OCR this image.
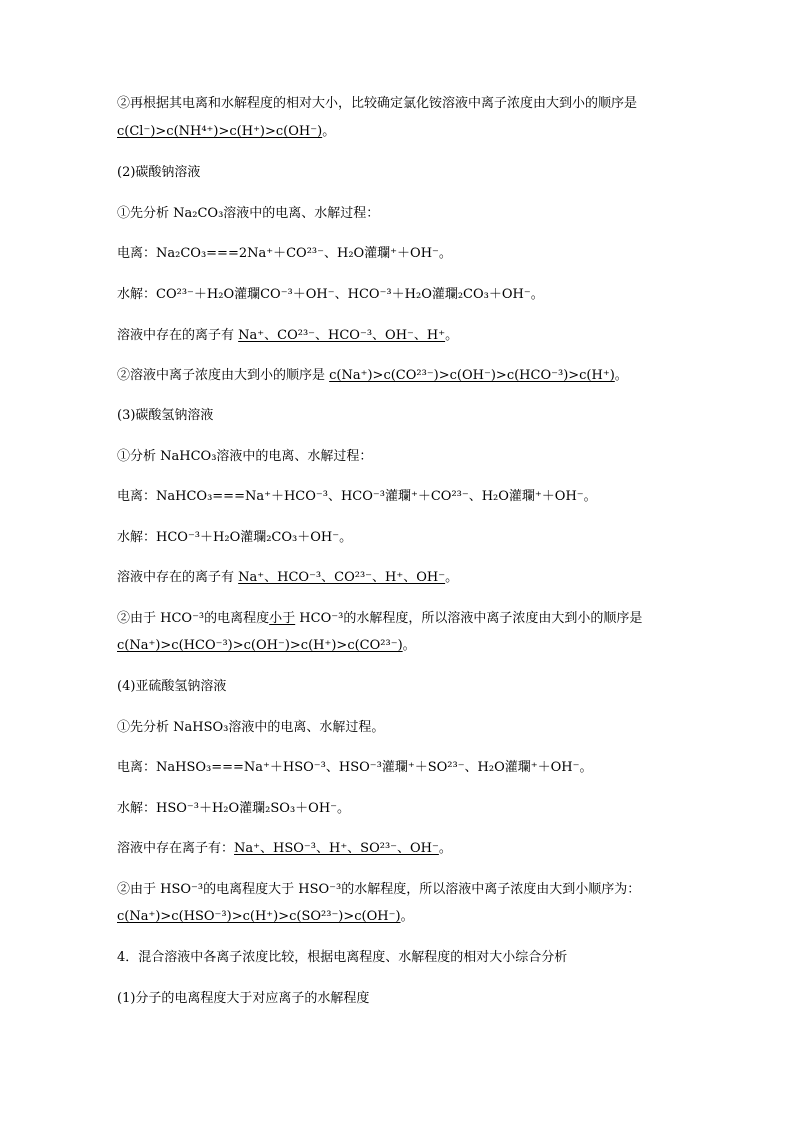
②再根据其电离和水解程度的相对大小，比较确定氯化铵溶液中离子浓度由大到小的顺序是
c(Cl⁻)>c(NH⁴⁺)>c(H⁺)>c(OH⁻)。
(2)碳酸钠溶液
①先分析 Na₂CO₃溶液中的电离、水解过程：
电离：Na₂CO₃===2Na⁺＋CO²³⁻、H₂O灌瓓⁺＋OH⁻。
水解：CO²³⁻＋H₂O灌瓓CO⁻³＋OH⁻、HCO⁻³＋H₂O灌瓓₂CO₃＋OH⁻。
溶液中存在的离子有 Na⁺、CO²³⁻、HCO⁻³、OH⁻、H⁺。
②溶液中离子浓度由大到小的顺序是 c(Na⁺)>c(CO²³⁻)>c(OH⁻)>c(HCO⁻³)>c(H⁺)。
(3)碳酸氢钠溶液
①分析 NaHCO₃溶液中的电离、水解过程：
电离：NaHCO₃===Na⁺＋HCO⁻³、HCO⁻³灌瓓⁺＋CO²³⁻、H₂O灌瓓⁺＋OH⁻。
水解：HCO⁻³＋H₂O灌瓓₂CO₃＋OH⁻。
溶液中存在的离子有 Na⁺、HCO⁻³、CO²³⁻、H⁺、OH⁻。
②由于 HCO⁻³的电离程度小于 HCO⁻³的水解程度，所以溶液中离子浓度由大到小的顺序是
c(Na⁺)>c(HCO⁻³)>c(OH⁻)>c(H⁺)>c(CO²³⁻)。
(4)亚硫酸氢钠溶液
①先分析 NaHSO₃溶液中的电离、水解过程。
电离：NaHSO₃===Na⁺＋HSO⁻³、HSO⁻³灌瓓⁺＋SO²³⁻、H₂O灌瓓⁺＋OH⁻。
水解：HSO⁻³＋H₂O灌瓓₂SO₃＋OH⁻。
溶液中存在离子有：Na⁺、HSO⁻³、H⁺、SO²³⁻、OH⁻。
②由于 HSO⁻³的电离程度大于 HSO⁻³的水解程度，所以溶液中离子浓度由大到小顺序为：
c(Na⁺)>c(HSO⁻³)>c(H⁺)>c(SO²³⁻)>c(OH⁻)。
4．混合溶液中各离子浓度比较，根据电离程度、水解程度的相对大小综合分析
(1)分子的电离程度大于对应离子的水解程度
